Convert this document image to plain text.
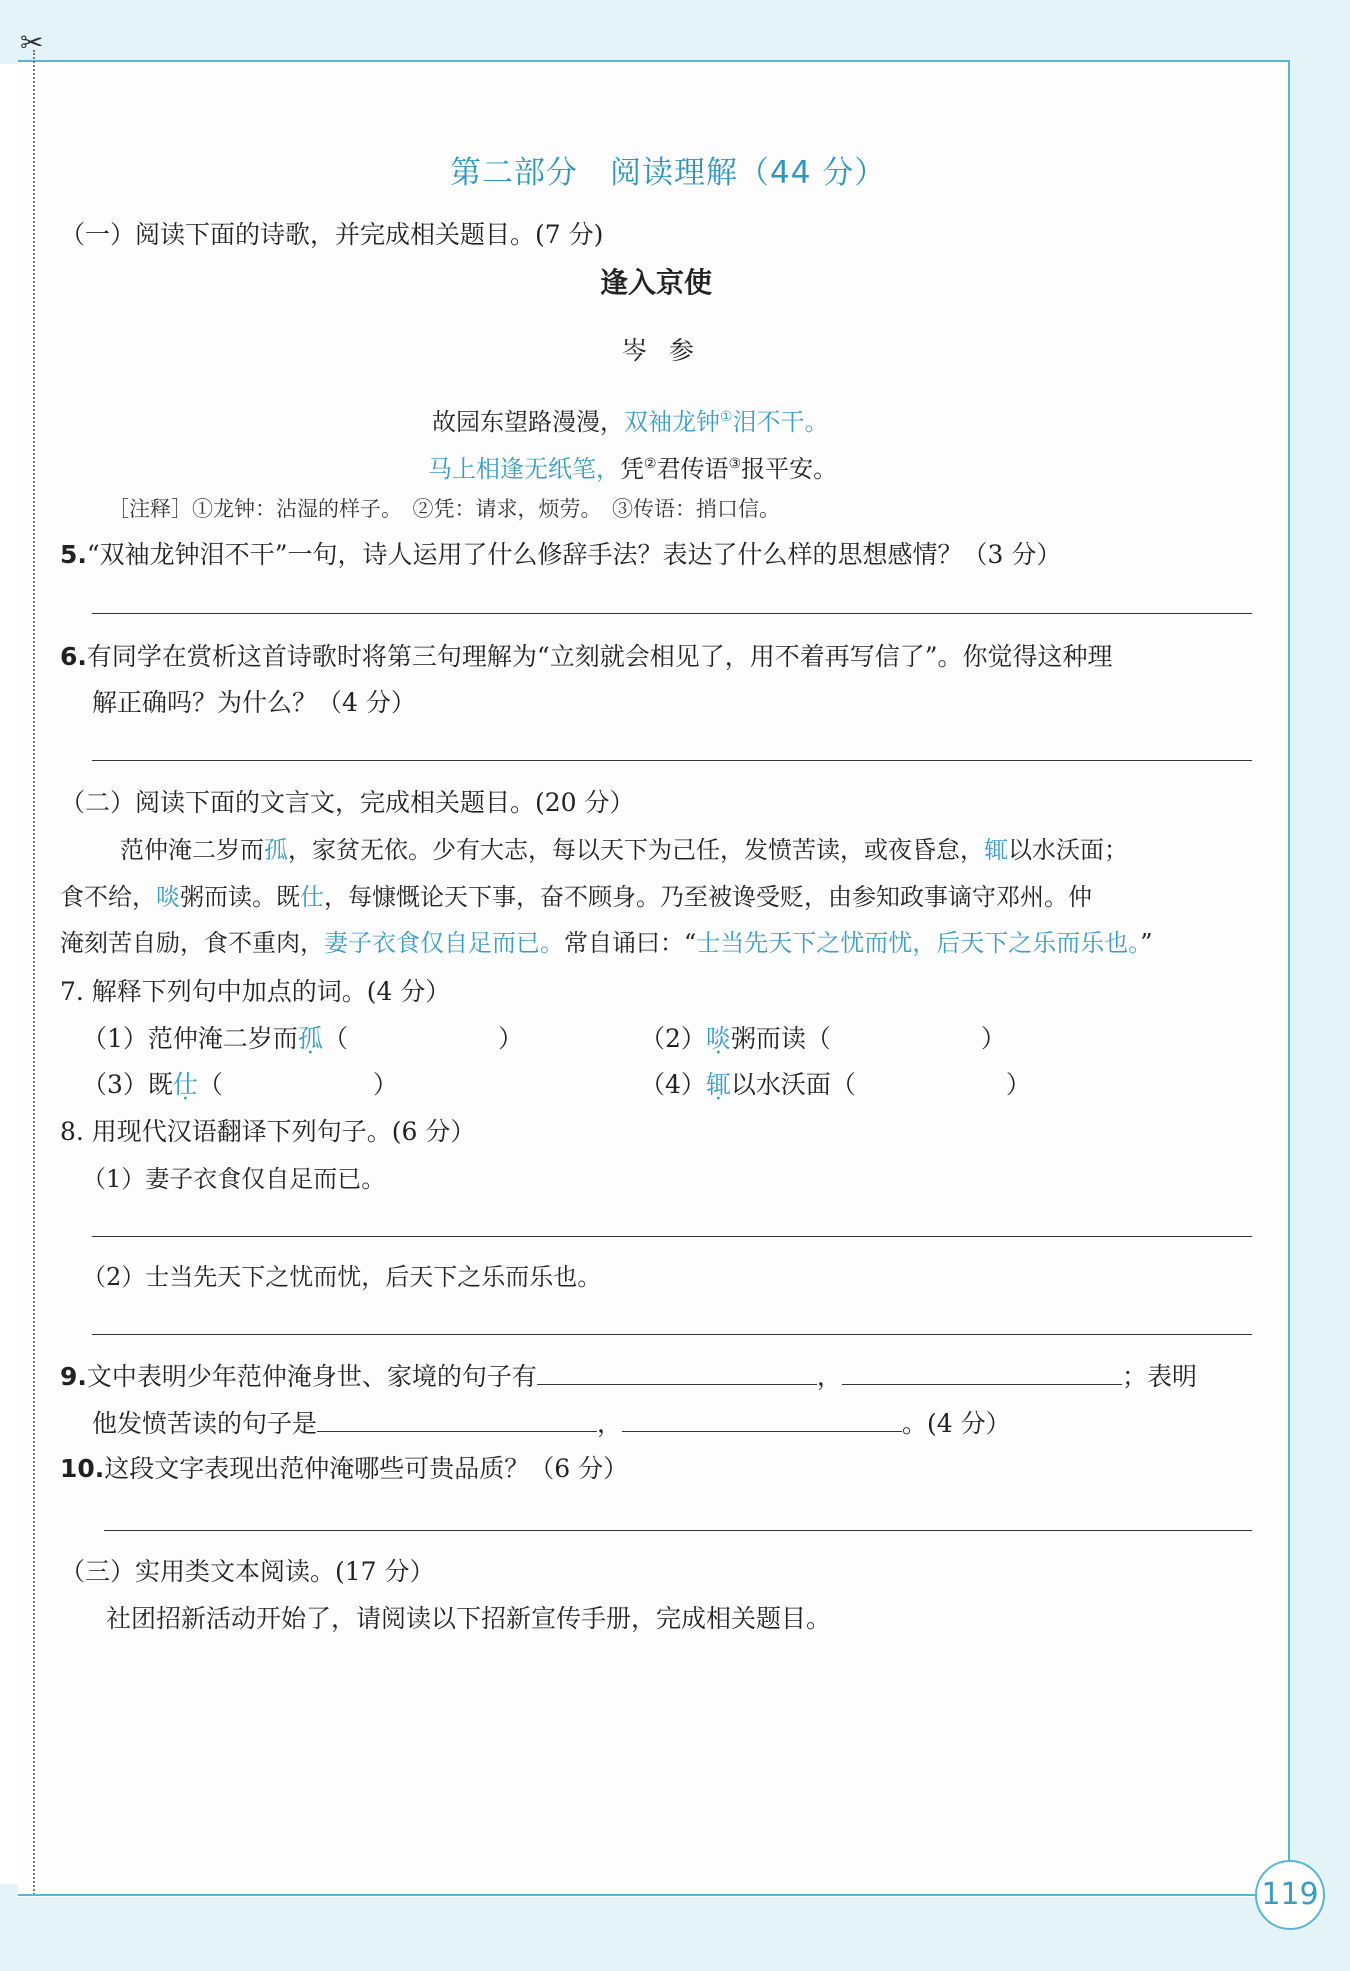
✂
第二部分　阅读理解（44 分）
（一）阅读下面的诗歌，并完成相关题目。(7 分)
逢入京使
岑参
故园东望路漫漫，双袖龙钟①泪不干。
马上相逢无纸笔，凭②君传语③报平安。
［注释］①龙钟：沾湿的样子。　②凭：请求，烦劳。　③传语：捎口信。
5.“双袖龙钟泪不干”一句，诗人运用了什么修辞手法？表达了什么样的思想感情？（3 分）
6.有同学在赏析这首诗歌时将第三句理解为“立刻就会相见了，用不着再写信了”。你觉得这种理
解正确吗？为什么？（4 分）
（二）阅读下面的文言文，完成相关题目。(20 分）
范仲淹二岁而孤，家贫无依。少有大志，每以天下为己任，发愤苦读，或夜昏怠，辄以水沃面；
食不给，啖粥而读。既仕，每慷慨论天下事，奋不顾身。乃至被谗受贬，由参知政事谪守邓州。仲
淹刻苦自励，食不重肉，妻子衣食仅自足而已。常自诵曰：“士当先天下之忧而忧，后天下之乐而乐也。”
7. 解释下列句中加点的词。(4 分）
（1）范仲淹二岁而孤（　　　　　　）	（2）啖粥而读（　　　　　　）
（3）既仕（　　　　　　）	（4）辄以水沃面（　　　　　　）
8. 用现代汉语翻译下列句子。(6 分）
（1）妻子衣食仅自足而已。
（2）士当先天下之忧而忧，后天下之乐而乐也。
9.文中表明少年范仲淹身世、家境的句子有	，	；表明
他发愤苦读的句子是	，	。(4 分）
10.这段文字表现出范仲淹哪些可贵品质？（6 分）
（三）实用类文本阅读。(17 分）
社团招新活动开始了，请阅读以下招新宣传手册，完成相关题目。
119
